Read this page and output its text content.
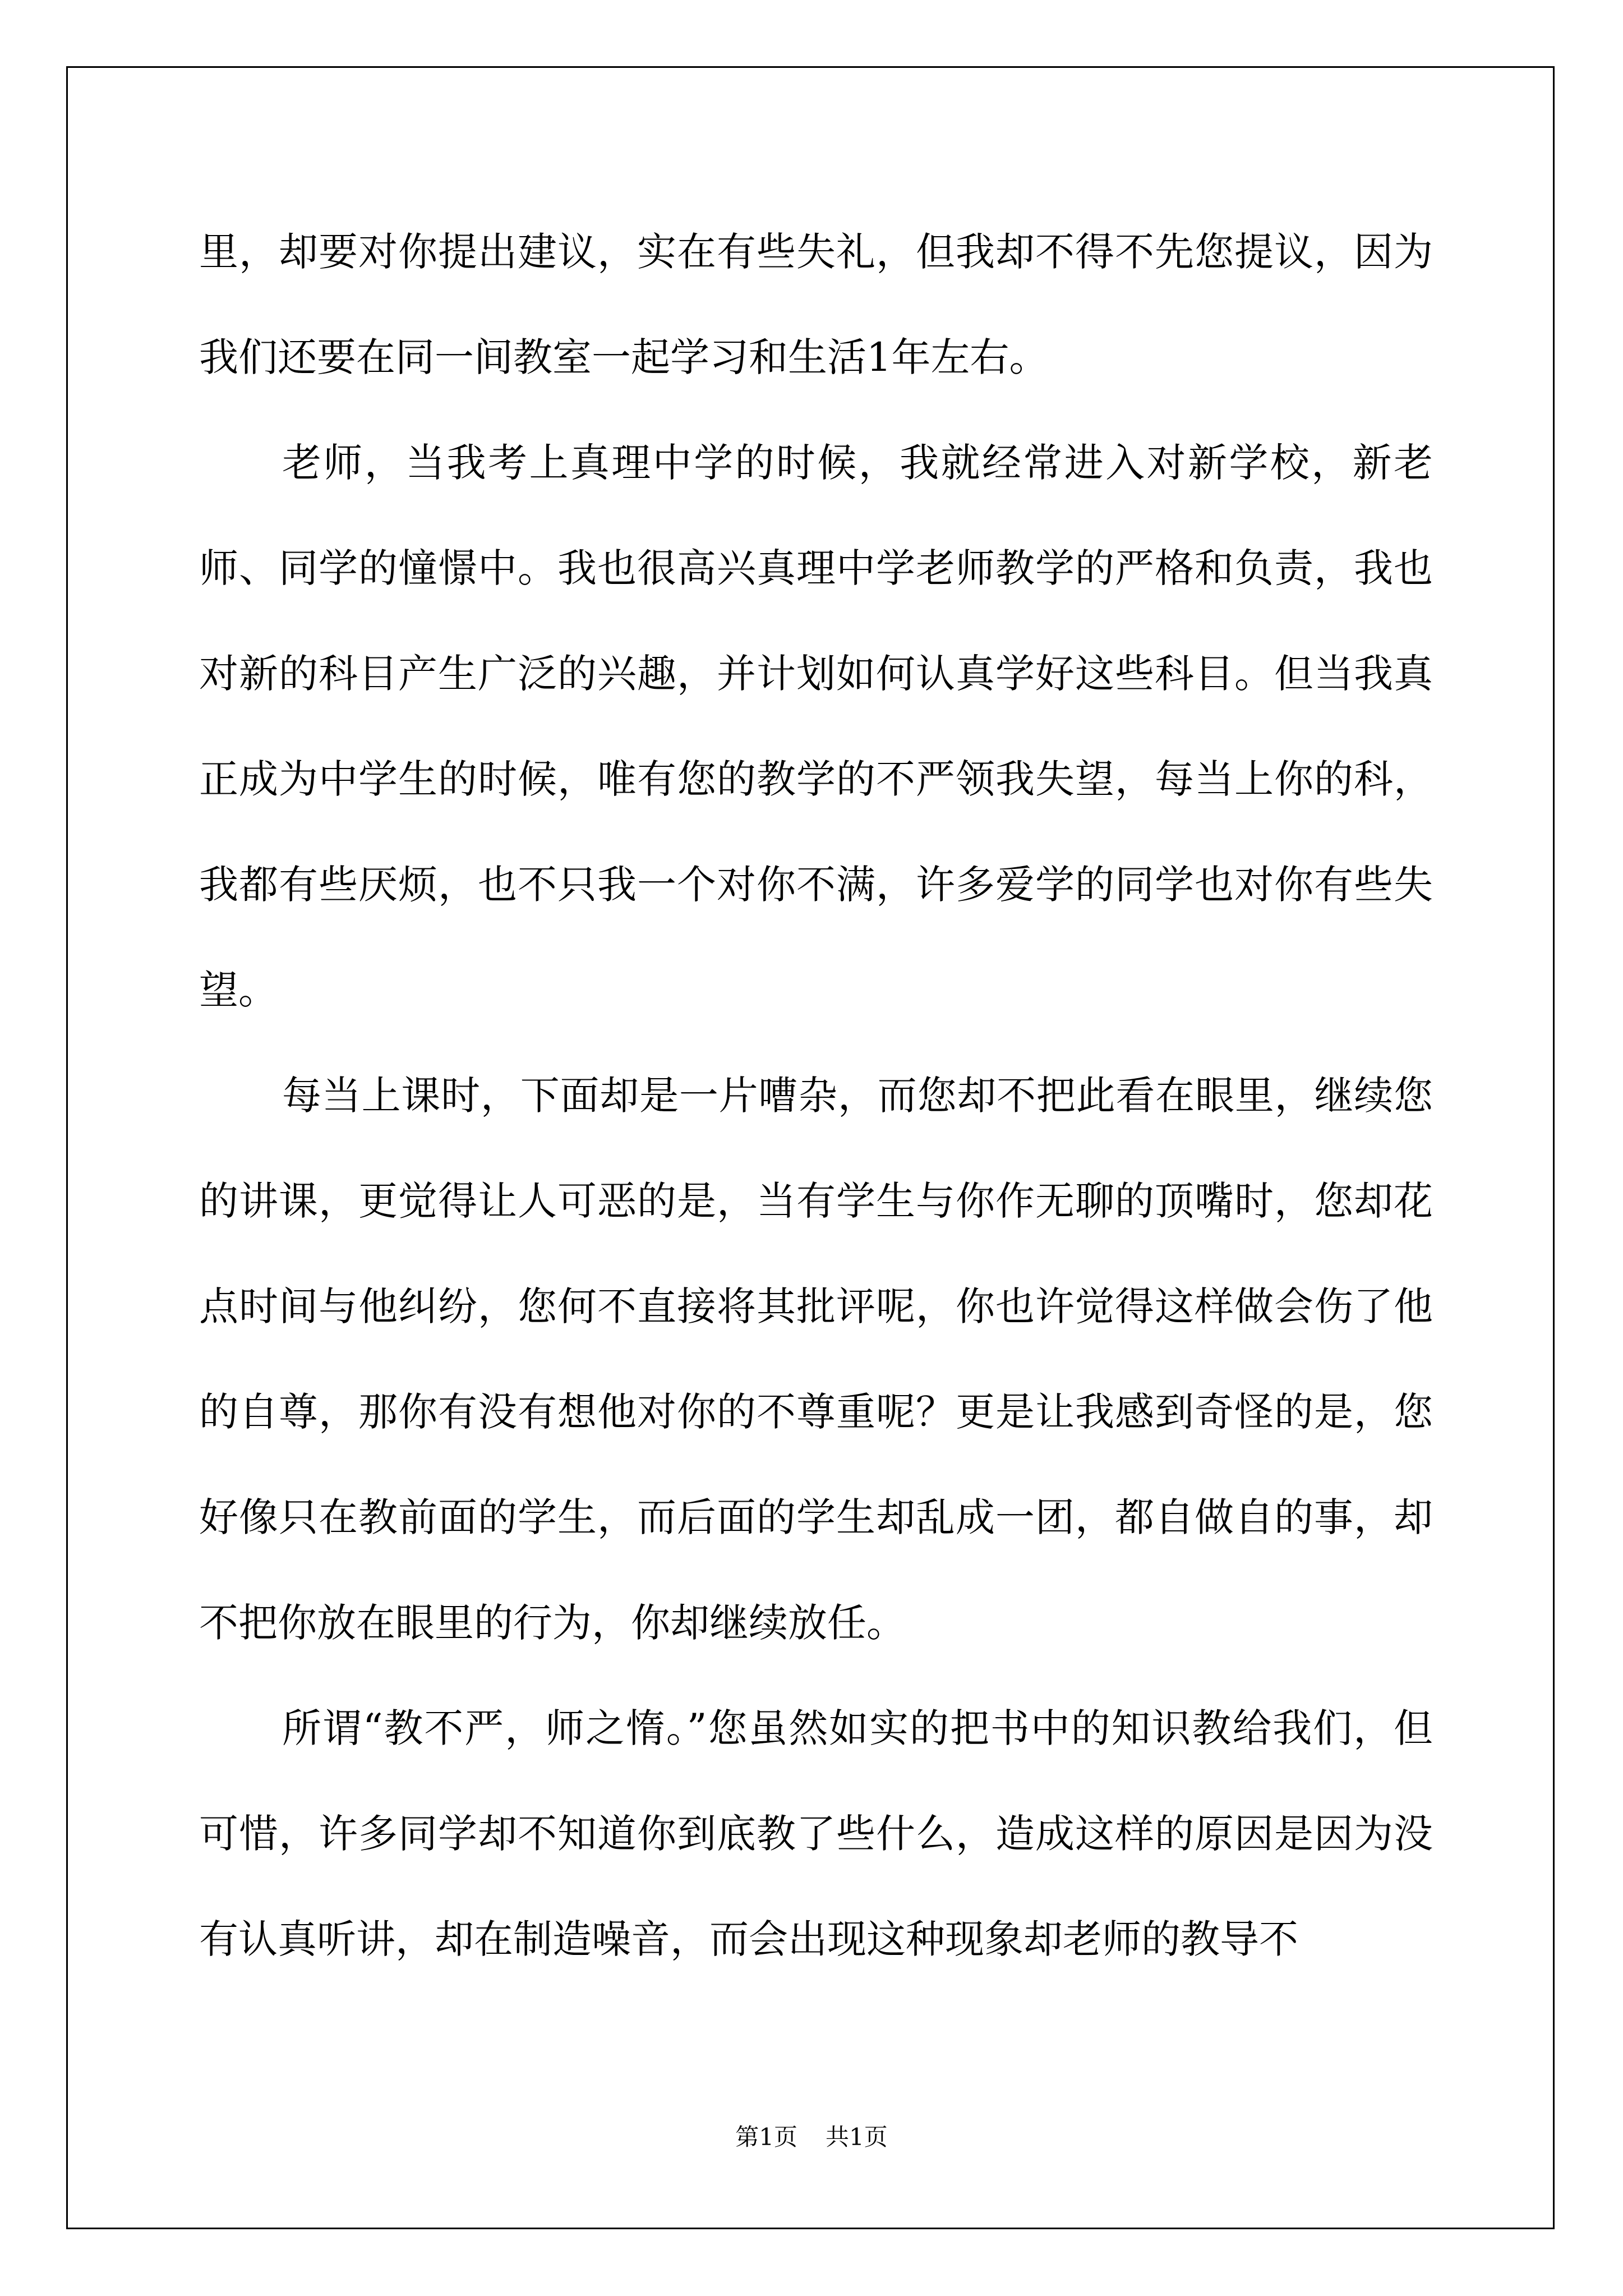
里，却要对你提出建议，实在有些失礼，但我却不得不先您提议，因为我们还要在同一间教室一起学习和生活1年左右。

老师，当我考上真理中学的时候，我就经常进入对新学校，新老师、同学的憧憬中。我也很高兴真理中学老师教学的严格和负责，我也对新的科目产生广泛的兴趣，并计划如何认真学好这些科目。但当我真正成为中学生的时候，唯有您的教学的不严领我失望，每当上你的科，我都有些厌烦，也不只我一个对你不满，许多爱学的同学也对你有些失望。

每当上课时，下面却是一片嘈杂，而您却不把此看在眼里，继续您的讲课，更觉得让人可恶的是，当有学生与你作无聊的顶嘴时，您却花点时间与他纠纷，您何不直接将其批评呢，你也许觉得这样做会伤了他的自尊，那你有没有想他对你的不尊重呢？更是让我感到奇怪的是，您好像只在教前面的学生，而后面的学生却乱成一团，都自做自的事，却不把你放在眼里的行为，你却继续放任。

所谓“教不严，师之惰。”您虽然如实的把书中的知识教给我们，但可惜，许多同学却不知道你到底教了些什么，造成这样的原因是因为没有认真听讲，却在制造噪音，而会出现这种现象却老师的教导不

第1页 共1页
